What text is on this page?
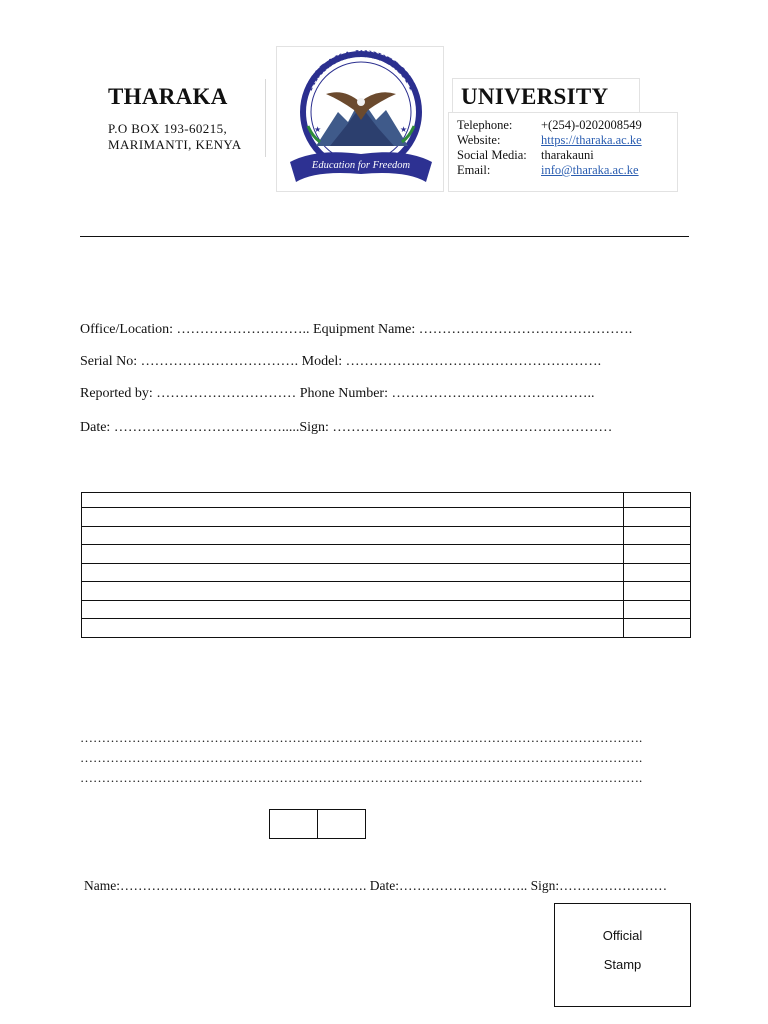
THARAKA
P.O BOX 193-60215,
MARIMANTI, KENYA
THARAKA UNIVERSITY
★	★
Education for Freedom
UNIVERSITY
Telephone: +(254)-0202008549
Website:	https://tharaka.ac.ke
Social Media: tharakauni
Email:	info@tharaka.ac.ke
Office/Location: ……………………….. Equipment Name: ……………………………………….
Serial No: ……………………………. Model: ……………………………………………….
Reported by: ………………………… Phone Number: ……………………………………..
Date: ……………………………….....Sign: ……………………………………………………

………………………………………………………………………………………………………………….
………………………………………………………………………………………………………………….
………………………………………………………………………………………………………………….

Name:………………………………………………. Date:……………………….. Sign:……………………
Official
Stamp
